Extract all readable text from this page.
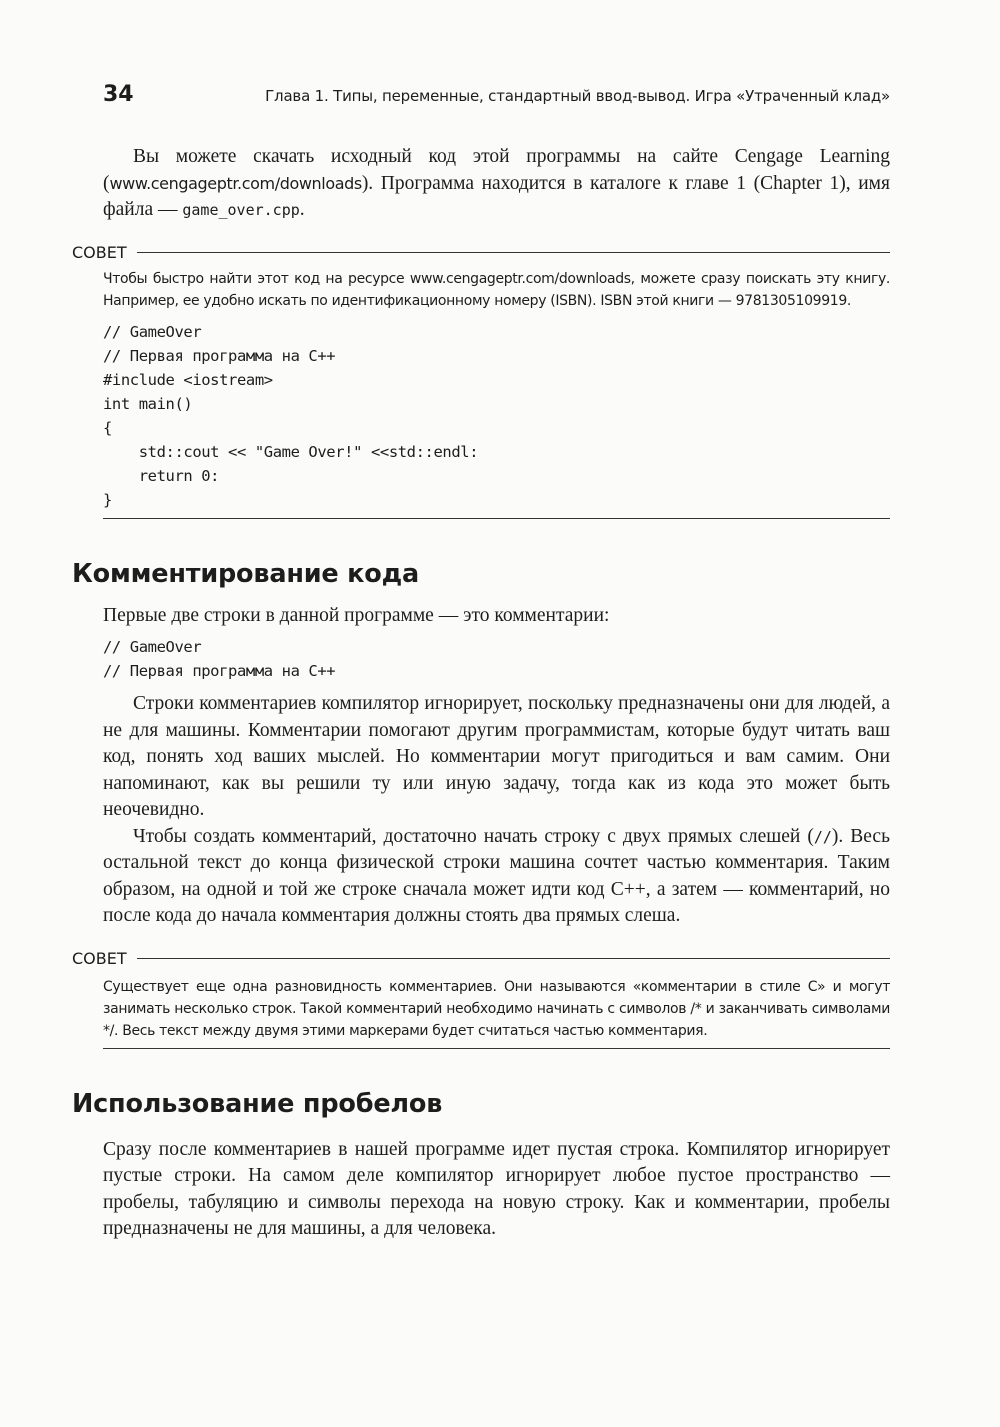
34	Глава 1. Типы, переменные, стандартный ввод-вывод. Игра «Утраченный клад»

Вы можете скачать исходный код этой программы на сайте Cengage Learning (www.cengageptr.com/downloads). Программа находится в каталоге к главе 1 (Chapter 1), имя файла — game_over.cpp.

СОВЕТ
Чтобы быстро найти этот код на ресурсе www.cengageptr.com/downloads, можете сразу поискать эту книгу. Например, ее удобно искать по идентификационному номеру (ISBN). ISBN этой книги — 9781305109919.
// GameOver
// Первая программа на C++
#include <iostream>
int main()
{
std::cout << "Game Over!" <<std::endl:
return 0:
}
Комментирование кода

Первые две строки в данной программе — это комментарии:

// GameOver
// Первая программа на C++

Строки комментариев компилятор игнорирует, поскольку предназначены они для людей, а не для машины. Комментарии помогают другим программистам, которые будут читать ваш код, понять ход ваших мыслей. Но комментарии могут пригодиться и вам самим. Они напоминают, как вы решили ту или иную задачу, тогда как из кода это может быть неочевидно.

Чтобы создать комментарий, достаточно начать строку с двух прямых слешей (//). Весь остальной текст до конца физической строки машина сочтет частью комментария. Таким образом, на одной и той же строке сначала может идти код C++, а затем — комментарий, но после кода до начала комментария должны стоять два прямых слеша.

СОВЕТ
Существует еще одна разновидность комментариев. Они называются «комментарии в стиле C» и могут занимать несколько строк. Такой комментарий необходимо начинать с символов /* и заканчивать символами */. Весь текст между двумя этими маркерами будет считаться частью комментария.
Использование пробелов

Сразу после комментариев в нашей программе идет пустая строка. Компилятор игнорирует пустые строки. На самом деле компилятор игнорирует любое пустое пространство — пробелы, табуляцию и символы перехода на новую строку. Как и комментарии, пробелы предназначены не для машины, а для человека.
